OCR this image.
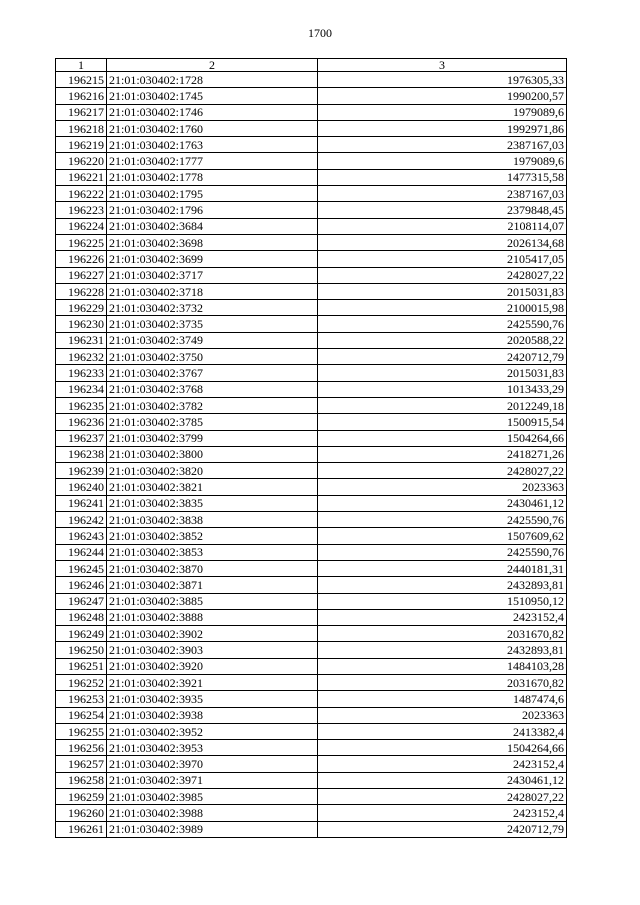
1700
1	2	3
196215	21:01:030402:1728	1976305,33
196216	21:01:030402:1745	1990200,57
196217	21:01:030402:1746	1979089,6
196218	21:01:030402:1760	1992971,86
196219	21:01:030402:1763	2387167,03
196220	21:01:030402:1777	1979089,6
196221	21:01:030402:1778	1477315,58
196222	21:01:030402:1795	2387167,03
196223	21:01:030402:1796	2379848,45
196224	21:01:030402:3684	2108114,07
196225	21:01:030402:3698	2026134,68
196226	21:01:030402:3699	2105417,05
196227	21:01:030402:3717	2428027,22
196228	21:01:030402:3718	2015031,83
196229	21:01:030402:3732	2100015,98
196230	21:01:030402:3735	2425590,76
196231	21:01:030402:3749	2020588,22
196232	21:01:030402:3750	2420712,79
196233	21:01:030402:3767	2015031,83
196234	21:01:030402:3768	1013433,29
196235	21:01:030402:3782	2012249,18
196236	21:01:030402:3785	1500915,54
196237	21:01:030402:3799	1504264,66
196238	21:01:030402:3800	2418271,26
196239	21:01:030402:3820	2428027,22
196240	21:01:030402:3821	2023363
196241	21:01:030402:3835	2430461,12
196242	21:01:030402:3838	2425590,76
196243	21:01:030402:3852	1507609,62
196244	21:01:030402:3853	2425590,76
196245	21:01:030402:3870	2440181,31
196246	21:01:030402:3871	2432893,81
196247	21:01:030402:3885	1510950,12
196248	21:01:030402:3888	2423152,4
196249	21:01:030402:3902	2031670,82
196250	21:01:030402:3903	2432893,81
196251	21:01:030402:3920	1484103,28
196252	21:01:030402:3921	2031670,82
196253	21:01:030402:3935	1487474,6
196254	21:01:030402:3938	2023363
196255	21:01:030402:3952	2413382,4
196256	21:01:030402:3953	1504264,66
196257	21:01:030402:3970	2423152,4
196258	21:01:030402:3971	2430461,12
196259	21:01:030402:3985	2428027,22
196260	21:01:030402:3988	2423152,4
196261	21:01:030402:3989	2420712,79
